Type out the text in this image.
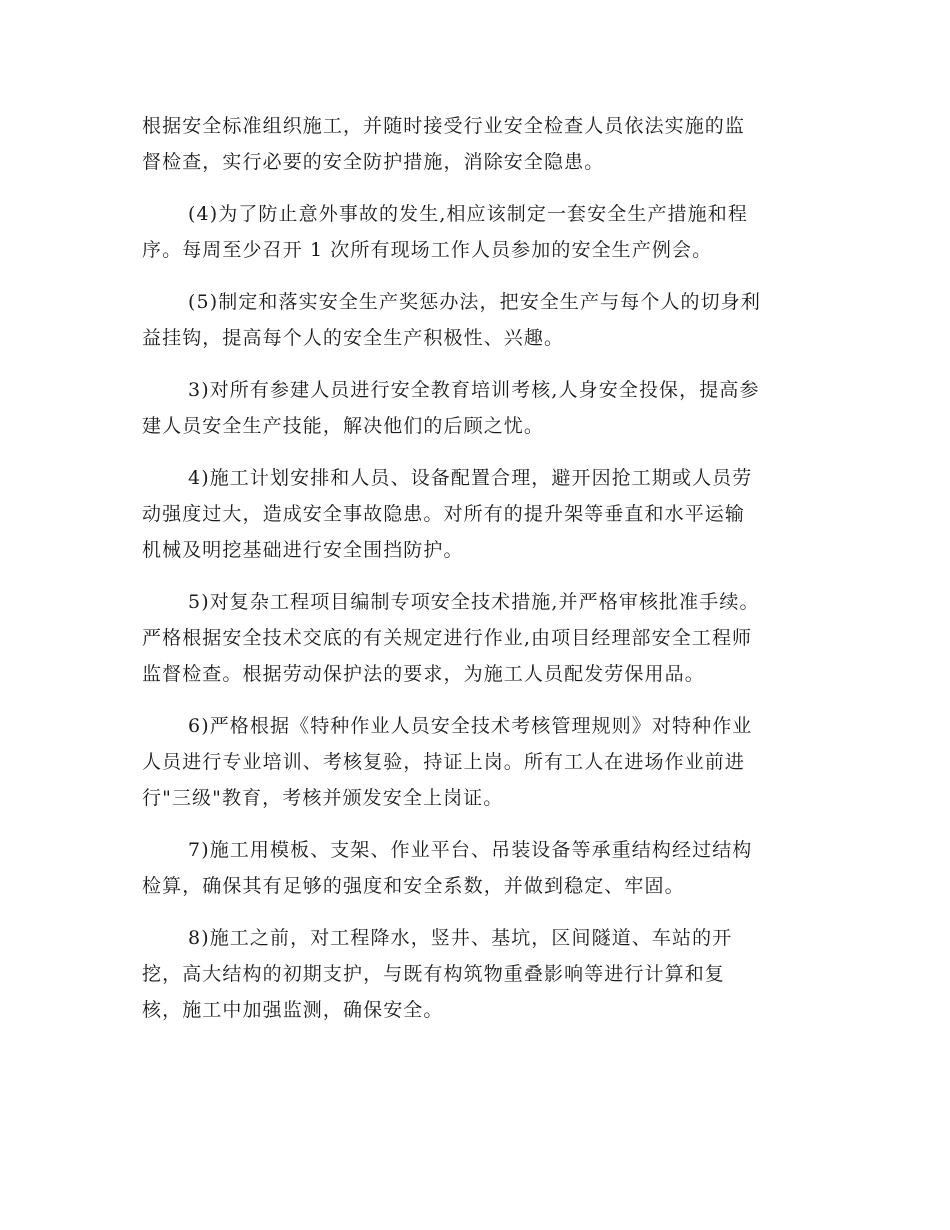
根据安全标准组织施工，并随时接受行业安全检查人员依法实施的监
督检查，实行必要的安全防护措施，消除安全隐患。
(4)为了防止意外事故的发生,相应该制定一套安全生产措施和程
序。每周至少召开 1 次所有现场工作人员参加的安全生产例会。
(5)制定和落实安全生产奖惩办法，把安全生产与每个人的切身利
益挂钩，提高每个人的安全生产积极性、兴趣。
3)对所有参建人员进行安全教育培训考核,人身安全投保，提高参
建人员安全生产技能，解决他们的后顾之忧。
4)施工计划安排和人员、设备配置合理，避开因抢工期或人员劳
动强度过大，造成安全事故隐患。对所有的提升架等垂直和水平运输
机械及明挖基础进行安全围挡防护。
5)对复杂工程项目编制专项安全技术措施,并严格审核批准手续。
严格根据安全技术交底的有关规定进行作业,由项目经理部安全工程师
监督检查。根据劳动保护法的要求，为施工人员配发劳保用品。
6)严格根据《特种作业人员安全技术考核管理规则》对特种作业
人员进行专业培训、考核复验，持证上岗。所有工人在进场作业前进
行"三级"教育，考核并颁发安全上岗证。
7)施工用模板、支架、作业平台、吊装设备等承重结构经过结构
检算，确保其有足够的强度和安全系数，并做到稳定、牢固。
8)施工之前，对工程降水，竖井、基坑，区间隧道、车站的开
挖，高大结构的初期支护，与既有构筑物重叠影响等进行计算和复
核，施工中加强监测，确保安全。
